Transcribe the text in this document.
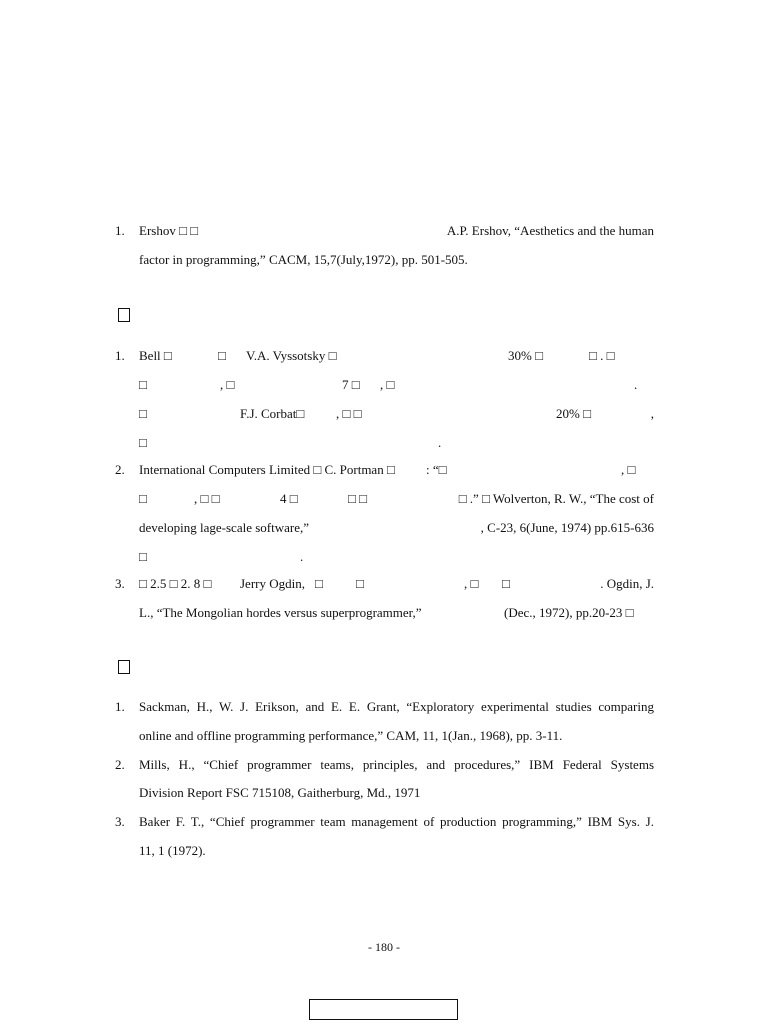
1. Ershov □ □	A.P. Ershov, “Aesthetics and the human
factor in programming,” CACM, 15,7(July,1972), pp. 501-505.
1. Bell □	□ V.A. Vyssotsky □	30% □	□ . □
□	, □	7 □ , □	.
□	F.J. Corbat□ , □ □	20% □	,
□	.
2. International Computers Limited □ C. Portman □ : “□	, □
□	, □ □	4 □	□ □	□ .” □ Wolverton, R. W., “The cost of
developing lage-scale software,”	, C-23, 6(June, 1974) pp.615-636
□	.
3. □ 2.5 □ 2. 8 □ Jerry Ogdin, □	□	, □ □	. Ogdin, J.
L., “The Mongolian hordes versus superprogrammer,”	(Dec., 1972), pp.20-23 □
1. Sackman, H., W. J. Erikson, and E. E. Grant, “Exploratory experimental studies comparing
online and offline programming performance,” CAM, 11, 1(Jan., 1968), pp. 3-11.
2. Mills, H., “Chief programmer teams, principles, and procedures,” IBM Federal Systems
Division Report FSC 715108, Gaitherburg, Md., 1971
3. Baker F. T., “Chief programmer team management of production programming,” IBM Sys. J.
11, 1 (1972).
- 180 -
